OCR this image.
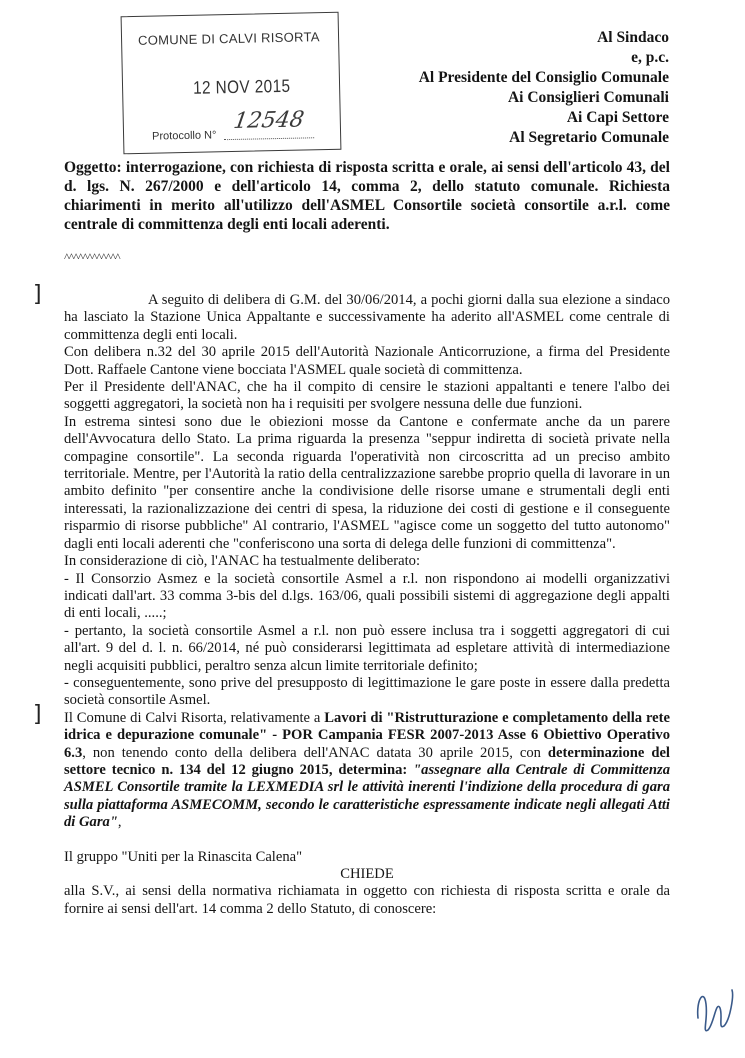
COMUNE DI CALVI RISORTA
12 NOV 2015
Protocollo N°
12548
Al Sindaco
e, p.c.
Al Presidente del Consiglio Comunale
Ai Consiglieri Comunali
Ai Capi Settore
Al Segretario Comunale
Oggetto: interrogazione, con richiesta di risposta scritta e orale, ai sensi dell'articolo 43, del d. lgs. N. 267/2000 e dell'articolo 14, comma 2, dello statuto comunale. Richiesta chiarimenti in merito all'utilizzo dell'ASMEL Consortile società consortile a.r.l. come centrale di committenza degli enti locali aderenti.
^^^^^^^^^^^^
]
]

A seguito di delibera di G.M. del 30/06/2014, a pochi giorni dalla sua elezione a sindaco ha lasciato la Stazione Unica Appaltante e successivamente ha aderito all'ASMEL come centrale di committenza degli enti locali.

Con delibera n.32 del 30 aprile 2015 dell'Autorità Nazionale Anticorruzione, a firma del Presidente Dott. Raffaele Cantone viene bocciata l'ASMEL quale società di committenza.

Per il Presidente dell'ANAC, che ha il compito di censire le stazioni appaltanti e tenere l'albo dei soggetti aggregatori, la società non ha i requisiti per svolgere nessuna delle due funzioni.

In estrema sintesi sono due le obiezioni mosse da Cantone e confermate anche da un parere dell'Avvocatura dello Stato. La prima riguarda la presenza "seppur indiretta di società private nella compagine consortile". La seconda riguarda l'operatività non circoscritta ad un preciso ambito territoriale. Mentre, per l'Autorità la ratio della centralizzazione sarebbe proprio quella di lavorare in un ambito definito "per consentire anche la condivisione delle risorse umane e strumentali degli enti interessati, la razionalizzazione dei centri di spesa, la riduzione dei costi di gestione e il conseguente risparmio di risorse pubbliche" Al contrario, l'ASMEL "agisce come un soggetto del tutto autonomo" dagli enti locali aderenti che "conferiscono una sorta di delega delle funzioni di committenza".

In considerazione di ciò, l'ANAC ha testualmente deliberato:

- Il Consorzio Asmez e la società consortile Asmel a r.l. non rispondono ai modelli organizzativi indicati dall'art. 33 comma 3-bis del d.lgs. 163/06, quali possibili sistemi di aggregazione degli appalti di enti locali, .....;

- pertanto, la società consortile Asmel a r.l. non può essere inclusa tra i soggetti aggregatori di cui all'art. 9 del d. l. n. 66/2014, né può considerarsi legittimata ad espletare attività di intermediazione negli acquisiti pubblici, peraltro senza alcun limite territoriale definito;

- conseguentemente, sono prive del presupposto di legittimazione le gare poste in essere dalla predetta società consortile Asmel.

Il Comune di Calvi Risorta, relativamente a Lavori di "Ristrutturazione e completamento della rete idrica e depurazione comunale" - POR Campania FESR 2007-2013 Asse 6 Obiettivo Operativo 6.3, non tenendo conto della delibera dell'ANAC datata 30 aprile 2015, con determinazione del settore tecnico n. 134 del 12 giugno 2015, determina: "assegnare alla Centrale di Committenza ASMEL Consortile tramite la LEXMEDIA srl le attività inerenti l'indizione della procedura di gara sulla piattaforma ASMECOMM, secondo le caratteristiche espressamente indicate negli allegati Atti di Gara",

Il gruppo "Uniti per la Rinascita Calena"

CHIEDE

alla S.V., ai sensi della normativa richiamata in oggetto con richiesta di risposta scritta e orale da fornire ai sensi dell'art. 14 comma 2 dello Statuto, di conoscere:
